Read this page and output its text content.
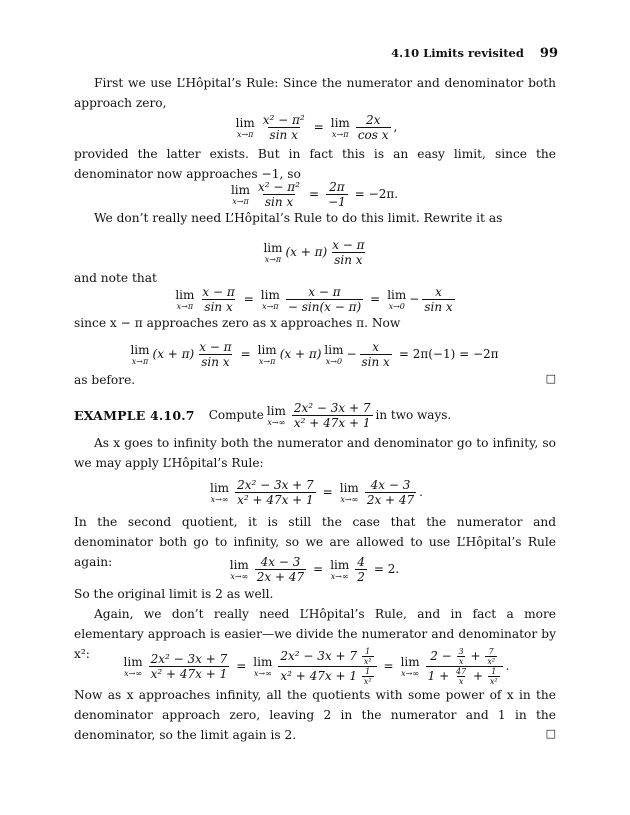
4.10 Limits revisited 99
First we use L’Hôpital’s Rule: Since the numerator and denominator both approach zero,
lim
$x\to\pi \frac{\text{x² − π²}}{\text{sin x}} = \lim$
$x\to\pi \frac{2x}{\text{cos x}}$ ,
provided the latter exists. But in fact this is an easy limit, since the denominator now approaches −1, so
lim
$x\to\pi \frac{\text{x² − π²}}{\text{sin x}} = \frac{2\pi}{-1} = -2\pi$.
We don’t really need L’Hôpital’s Rule to do this limit. Rewrite it as
lim
x→π $(x + \pi) \frac{x - \pi}{\text{sin x}}$
and note that
lim
$x\to\pi \frac{x - \pi}{\text{sin x}} = \lim$
$x\to\pi \frac{x - \pi}{- \sin(x - \pi)} = \lim$
$x\to 0 - \frac{x}{\text{sin x}}$
since x − π approaches zero as x approaches π. Now
lim
x→π $(x + \pi) \frac{x - \pi}{\text{sin x}} = \lim$
x→π (x + π) lim
$x\to 0 - \frac{x}{\text{sin x}} = 2\pi(-1) = -2\pi$
as before.	□
EXAMPLE 4.10.7 Compute lim
$x\to\infty \frac{\text{2x² − 3x + 7}}{\text{x² + 47x + 1}}$ in two ways.
As x goes to infinity both the numerator and denominator go to infinity, so we may apply L’Hôpital’s Rule:
lim
$x\to\infty \frac{\text{2x² − 3x + 7}}{\text{x² + 47x + 1}} = \lim$
$x\to\infty \frac{4x - 3}{2x + 47}$ .
In the second quotient, it is still the case that the numerator and denominator both go to infinity, so we are allowed to use L’Hôpital’s Rule again:	lim
$x\to\infty \frac{4x - 3}{2x + 47} = \lim$
$x\to\infty \frac{4}{2} = 2$.
So the original limit is 2 as well.
Again, we don’t really need L’Hôpital’s Rule, and in fact a more elementary approach is easier—we divide the numerator and denominator by x²:
lim
$x\to\infty \frac{\text{2x² − 3x + 7}}{\text{x² + 47x + 1}} = \lim$
$x\to\infty \frac{2x^2 - 3x + 7 \frac{1}{\text{x²}}}{x^2 + 47x + 1 \frac{1}{\text{x²}}} = \lim$
$x\to\infty \frac{2 - \frac{3}{x} + \frac{7}{\text{x²}}}{1 + \frac{47}{x} + \frac{1}{\text{x²}}}$ .
Now as x approaches infinity, all the quotients with some power of x in the denominator approach zero, leaving 2 in the numerator and 1 in the denominator, so the limit again is 2.	□
